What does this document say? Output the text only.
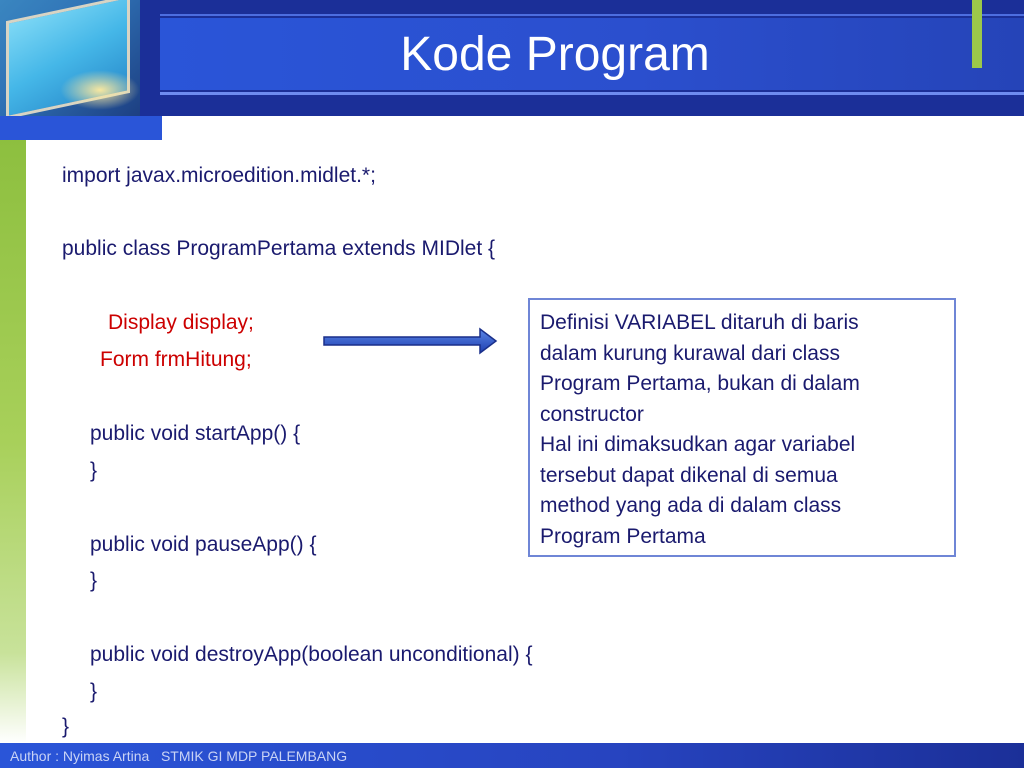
Kode Program
import javax.microedition.midlet.*;
public class ProgramPertama extends MIDlet {
Display display;
Form frmHitung;
public void startApp() {
}
public void pauseApp() {
}
public void destroyApp(boolean unconditional) {
}
}
Definisi VARIABEL ditaruh di baris
dalam kurung kurawal dari class
Program Pertama, bukan di dalam
constructor
Hal ini dimaksudkan agar variabel
tersebut dapat dikenal di semua
method yang ada di dalam class
Program Pertama
Author : Nyimas Artina   STMIK GI MDP PALEMBANG
